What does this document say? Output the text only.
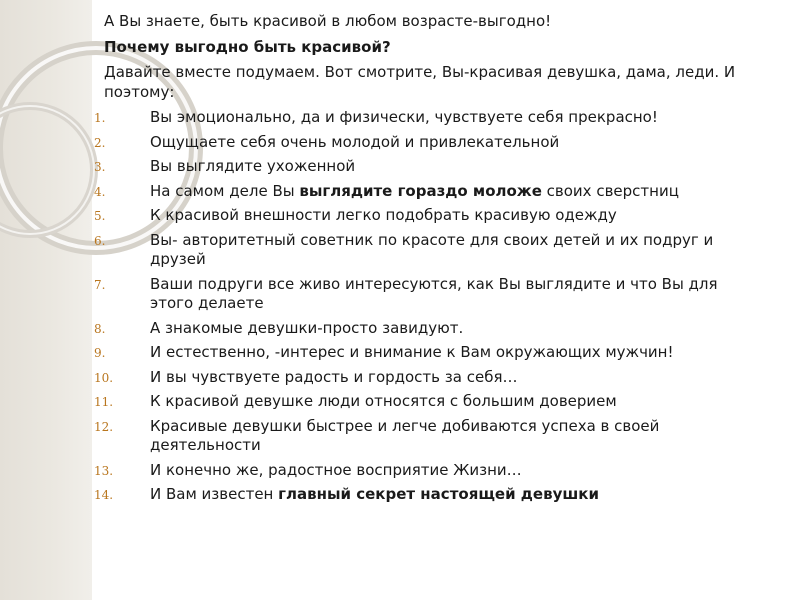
А Вы знаете, быть красивой в любом возрасте-выгодно!

Почему выгодно быть красивой?

Давайте вместе подумаем. Вот смотрите, Вы-красивая девушка, дама, леди. И поэтому:

1.	Вы эмоционально, да и физически, чувствуете себя прекрасно!
2.	Ощущаете себя очень молодой и привлекательной
3.	Вы выглядите ухоженной
4.	На самом деле Вы выглядите гораздо моложе своих сверстниц
5.	К красивой внешности легко подобрать красивую одежду
6.	Вы- авторитетный советник по красоте для своих детей и их подруг и друзей
7.	Ваши подруги все живо интересуются, как Вы выглядите и что Вы для этого делаете
8.	А знакомые девушки-просто завидуют.
9.	И естественно, -интерес и внимание к Вам окружающих мужчин!
10.	И вы чувствуете радость и гордость за себя…
11.	К красивой девушке люди относятся с большим доверием
12.	Красивые девушки быстрее и легче добиваются успеха в своей деятельности
13.	И конечно же, радостное восприятие Жизни…
14.	И Вам известен главный секрет настоящей девушки
